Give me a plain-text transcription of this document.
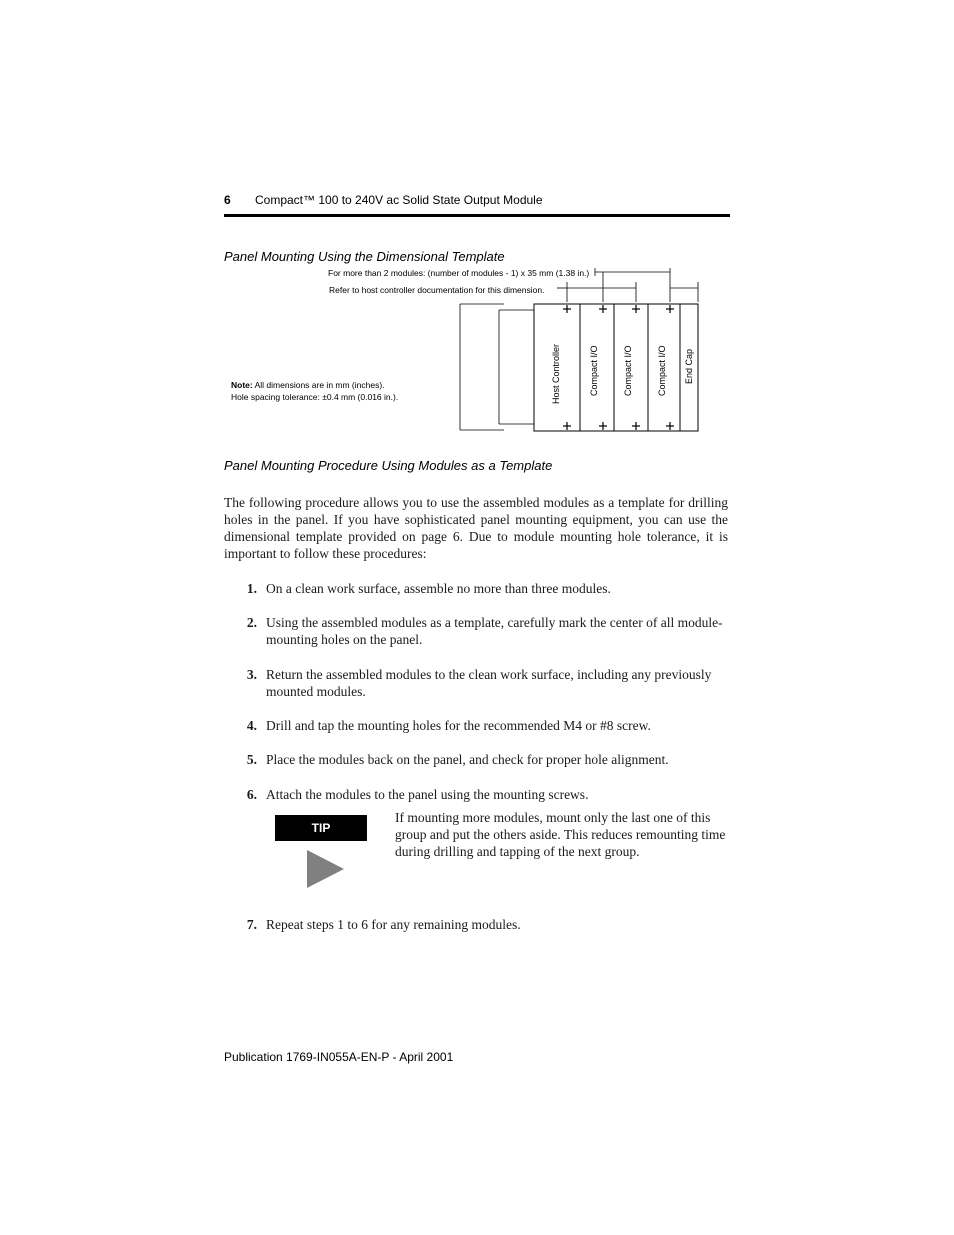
6 Compact™ 100 to 240V ac Solid State Output Module
Panel Mounting Using the Dimensional Template
For more than 2 modules: (number of modules - 1) x 35 mm (1.38 in.)
Refer to host controller documentation for this dimension.
Host Controller	Compact I/O	Compact I/O	Compact I/O End Cap
Note: All dimensions are in mm (inches).
Hole spacing tolerance: ±0.4 mm (0.016 in.).
Panel Mounting Procedure Using Modules as a Template
The following procedure allows you to use the assembled modules as a template for drilling holes in the panel. If you have sophisticated panel mounting equipment, you can use the dimensional template provided on page 6. Due to module mounting hole tolerance, it is important to follow these procedures:
1. On a clean work surface, assemble no more than three modules.
2. Using the assembled modules as a template, carefully mark the center of all module-mounting holes on the panel.
3. Return the assembled modules to the clean work surface, including any previously mounted modules.
4. Drill and tap the mounting holes for the recommended M4 or #8 screw.
5. Place the modules back on the panel, and check for proper hole alignment.
6. Attach the modules to the panel using the mounting screws.
TIP
If mounting more modules, mount only the last one of this group and put the others aside. This reduces remounting time during drilling and tapping of the next group.
7. Repeat steps 1 to 6 for any remaining modules.
Publication 1769-IN055A-EN-P - April 2001
